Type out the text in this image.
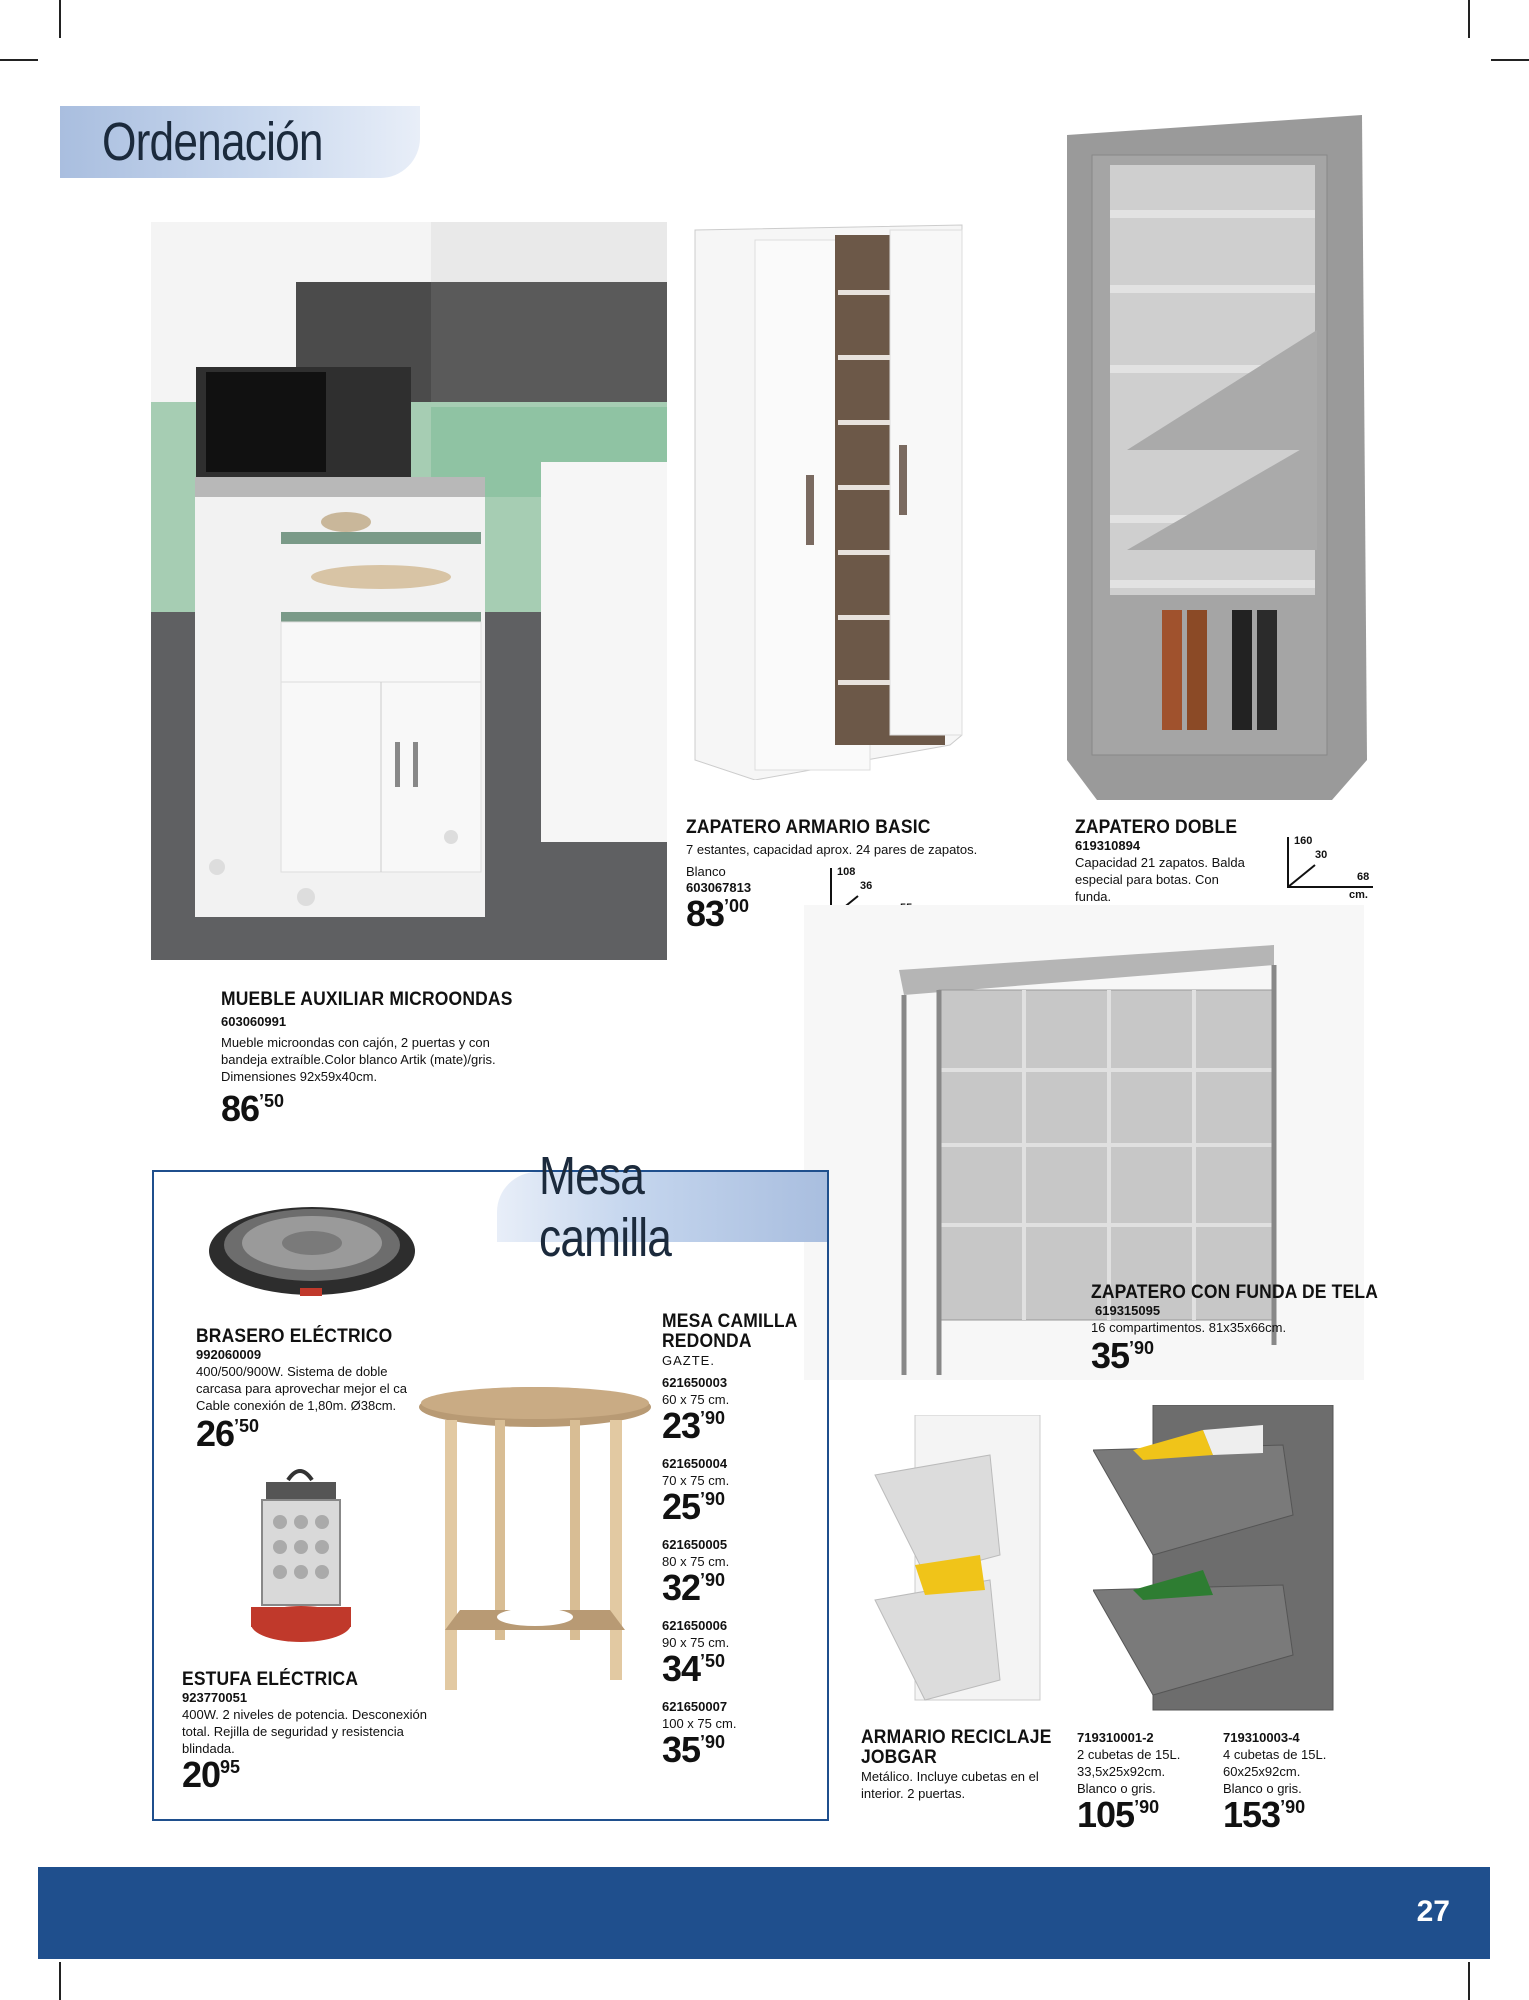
Ordenación
MUEBLE AUXILIAR MICROONDAS
603060991
Mueble microondas con cajón, 2 puertas y con bandeja extraíble.Color blanco Artik (mate)/gris. Dimensiones 92x59x40cm.
$86^{’50}$
ZAPATERO ARMARIO BASIC
7 estantes, capacidad aprox. 24 pares de zapatos.
Blanco
603067813
$83^{’00}$
108
36
ZAPATERO DOBLE
619310894
Capacidad 21 zapatos. Balda especial para botas. Con funda.
160
30
68
cm.
ZAPATERO CON FUNDA DE TELA
619315095
16 compartimentos. 81x35x66cm.
$35^{’90}$
Mesa camilla
BRASERO ELÉCTRICO
992060009
400/500/900W. Sistema de doble carcasa para aprovechar mejor el ca Cable conexión de 1,80m. Ø38cm.
$26^{’50}$
ESTUFA ELÉCTRICA
923770051
400W. 2 niveles de potencia. Desconexión total. Rejilla de seguridad y resistencia blindada.
$20^{95}$
MESA CAMILLA
REDONDA
GAZTE.
621650003
60 x 75 cm.
$23^{’90}$
621650004
70 x 75 cm.
$25^{’90}$
621650005
80 x 75 cm.
$32^{’90}$
621650006
90 x 75 cm.
$34^{’50}$
621650007
100 x 75 cm.
$35^{’90}$	ARMARIO RECICLAJE
JOBGAR
Metálico. Incluye cubetas en el interior. 2 puertas.
719310001-2
2 cubetas de 15L.
33,5x25x92cm.
Blanco o gris.
$105^{’90}$
719310003-4
4 cubetas de 15L.
60x25x92cm.
Blanco o gris.
$153^{’90}$
27
